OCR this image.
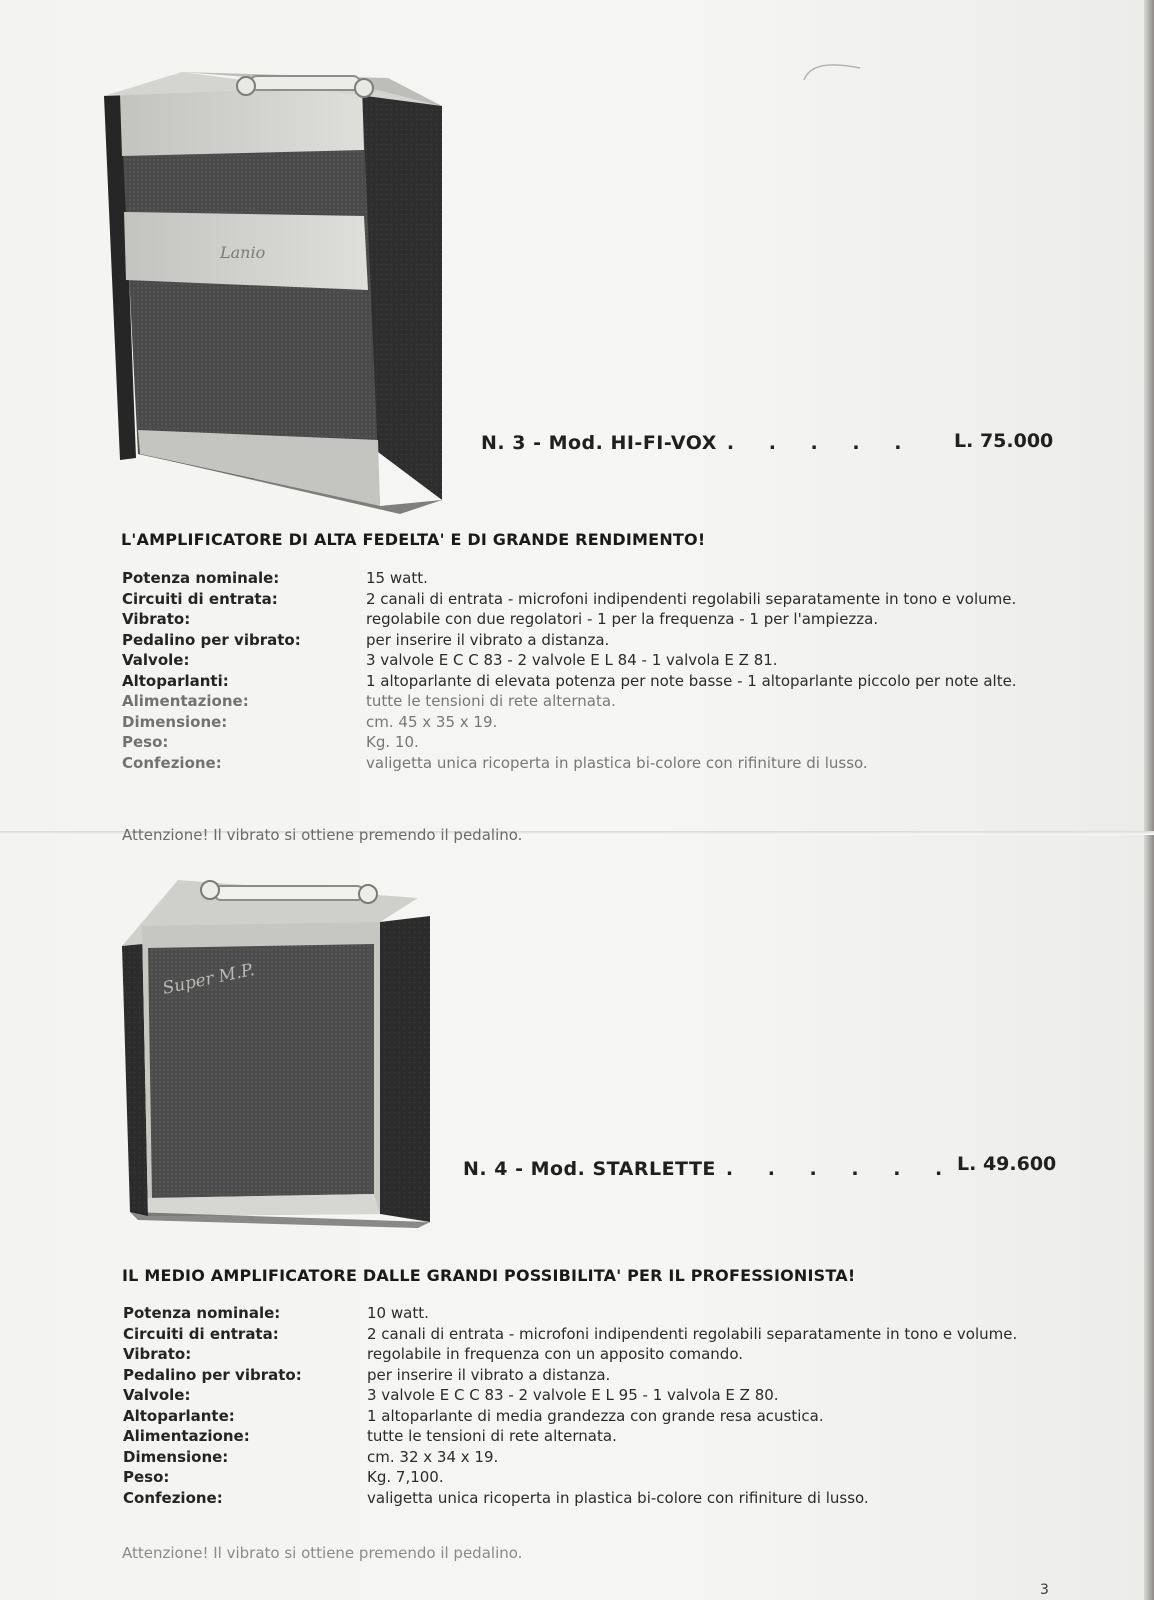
Lanio
N. 3 - Mod. HI-FI-VOX . . . . . L. 75.000
L'AMPLIFICATORE DI ALTA FEDELTA' E DI GRANDE RENDIMENTO!
Potenza nominale:	15 watt.
Circuiti di entrata:	2 canali di entrata - microfoni indipendenti regolabili separatamente in tono e volume.
Vibrato:	regolabile con due regolatori - 1 per la frequenza - 1 per l'ampiezza.
Pedalino per vibrato:	per inserire il vibrato a distanza.
Valvole:	3 valvole E C C 83 - 2 valvole E L 84 - 1 valvola E Z 81.
Altoparlanti:	1 altoparlante di elevata potenza per note basse - 1 altoparlante piccolo per note alte.
Alimentazione:	tutte le tensioni di rete alternata.
Dimensione:	cm. 45 x 35 x 19.
Peso:	Kg. 10.
Confezione:	valigetta unica ricoperta in plastica bi-colore con rifiniture di lusso.
Attenzione! Il vibrato si ottiene premendo il pedalino.
Super M.P.
N. 4 - Mod. STARLETTE . . . . . . L. 49.600
IL MEDIO AMPLIFICATORE DALLE GRANDI POSSIBILITA' PER IL PROFESSIONISTA!
Potenza nominale:	10 watt.
Circuiti di entrata:	2 canali di entrata - microfoni indipendenti regolabili separatamente in tono e volume.
Vibrato:	regolabile in frequenza con un apposito comando.
Pedalino per vibrato:	per inserire il vibrato a distanza.
Valvole:	3 valvole E C C 83 - 2 valvole E L 95 - 1 valvola E Z 80.
Altoparlante:	1 altoparlante di media grandezza con grande resa acustica.
Alimentazione:	tutte le tensioni di rete alternata.
Dimensione:	cm. 32 x 34 x 19.
Peso:	Kg. 7,100.
Confezione:	valigetta unica ricoperta in plastica bi-colore con rifiniture di lusso.
Attenzione! Il vibrato si ottiene premendo il pedalino.
3
